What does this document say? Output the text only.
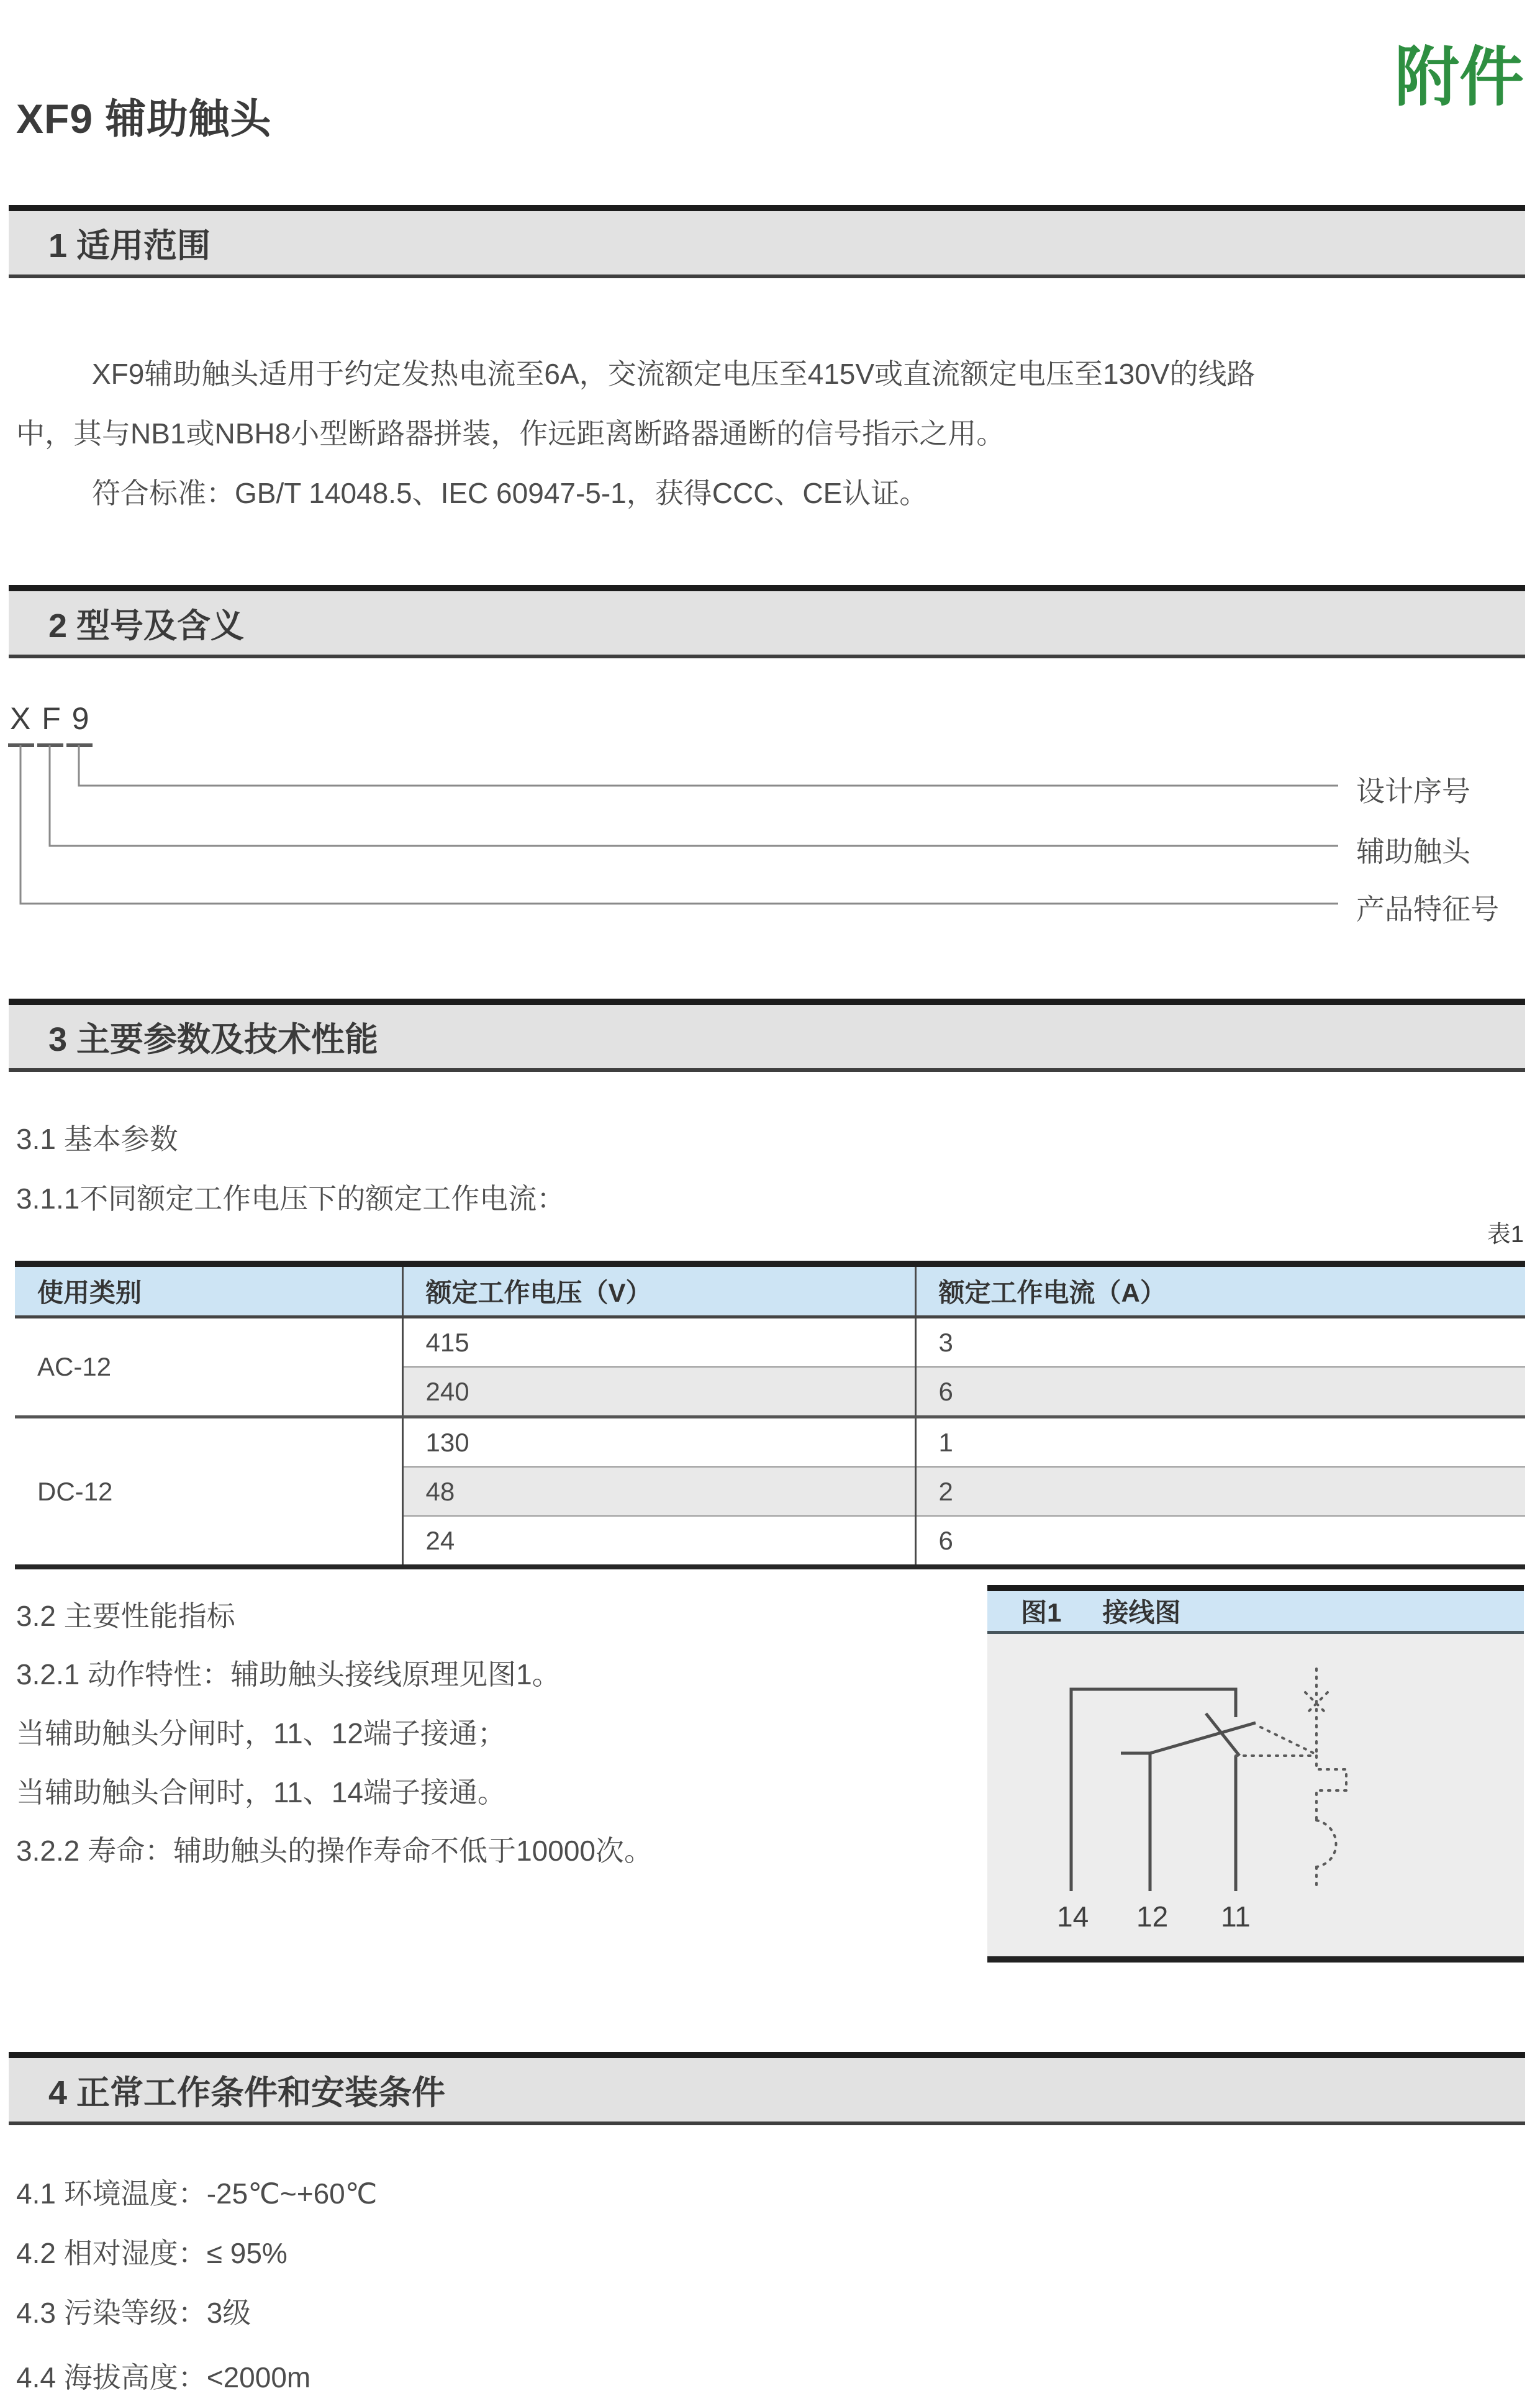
附件
XF9 辅助触头
1 适用范围
XF9辅助触头适用于约定发热电流至6A，交流额定电压至415V或直流额定电压至130V的线路
中，其与NB1或NBH8小型断路器拼装，作远距离断路器通断的信号指示之用。
符合标准：GB/T 14048.5、IEC 60947-5-1，获得CCC、CE认证。
2 型号及含义
X F 9
设计序号
辅助触头
产品特征号
3 主要参数及技术性能
3.1 基本参数
3.1.1不同额定工作电压下的额定工作电流：
表1
使用类别	额定工作电压（V）	额定工作电流（A）
AC-12	415	3
	240	6
DC-12	130	1
	48	2
	24	6
3.2 主要性能指标
3.2.1 动作特性：辅助触头接线原理见图1。
当辅助触头分闸时，11、12端子接通；
当辅助触头合闸时，11、14端子接通。
3.2.2 寿命：辅助触头的操作寿命不低于10000次。
图1 接线图
14 12 11
4 正常工作条件和安装条件
4.1 环境温度：-25℃~+60℃
4.2 相对湿度：≤ 95%
4.3 污染等级：3级
4.4 海拔高度：<2000m
